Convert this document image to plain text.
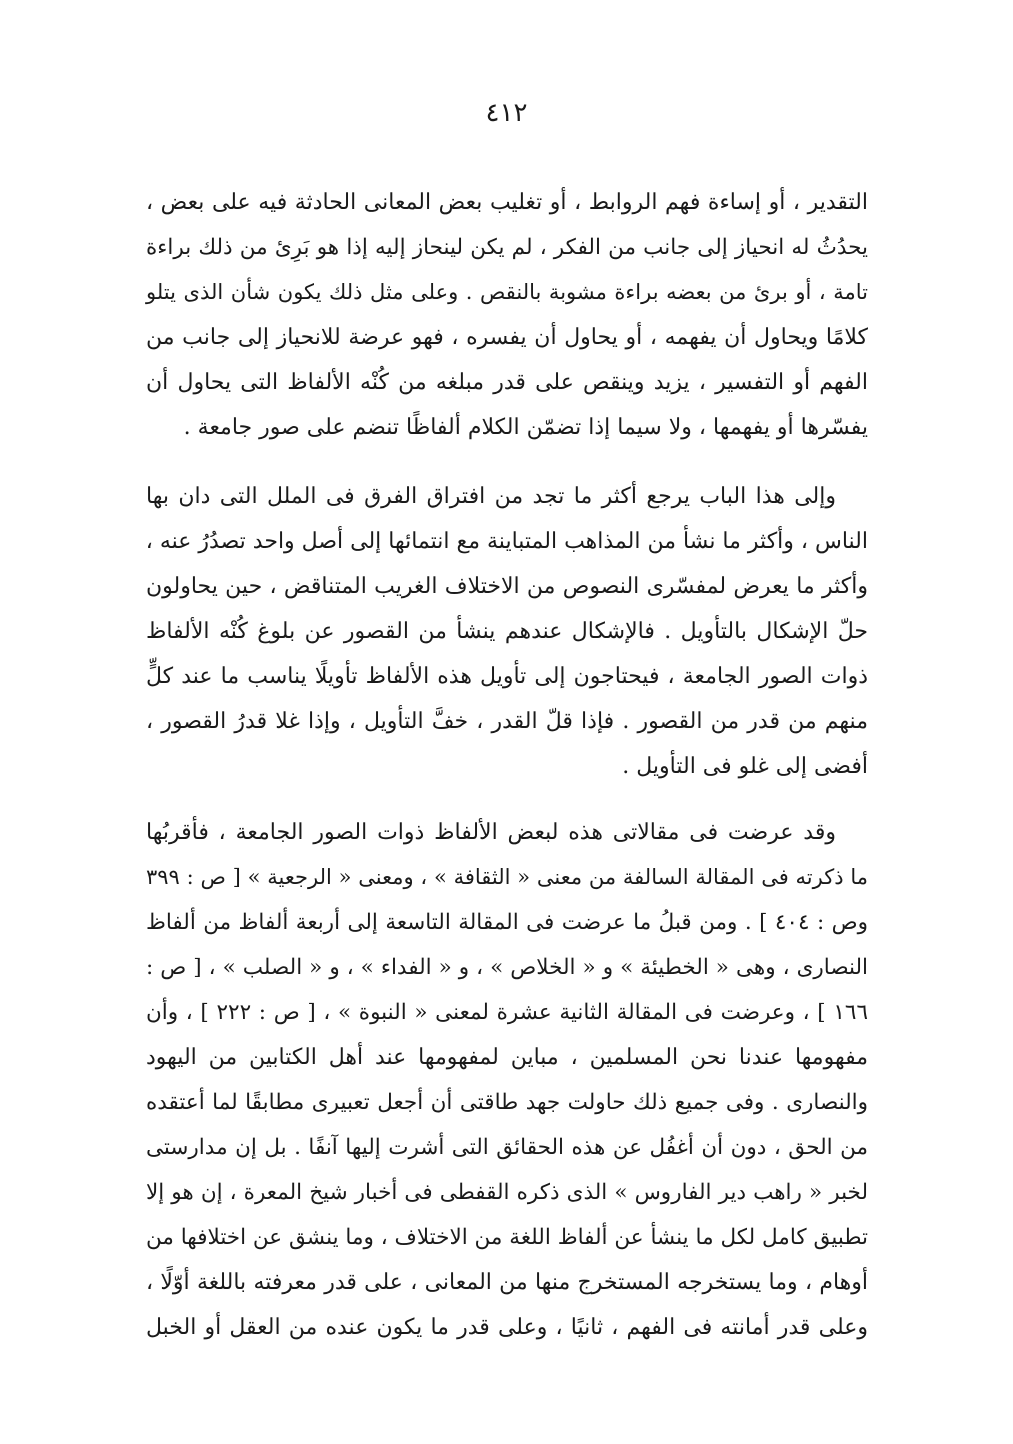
٤١٢
التقدير ، أو إساءة فهم الروابط ، أو تغليب بعض المعانى الحادثة فيه على بعض ،
يحدُثُ له انحياز إلى جانب من الفكر ، لم يكن لينحاز إليه إذا هو بَرِئ من ذلك براءة
تامة ، أو برئ من بعضه براءة مشوبة بالنقص . وعلى مثل ذلك يكون شأن الذى يتلو
كلامًا ويحاول أن يفهمه ، أو يحاول أن يفسره ، فهو عرضة للانحياز إلى جانب من
الفهم أو التفسير ، يزيد وينقص على قدر مبلغه من كُنْه الألفاظ التى يحاول أن
يفسّرها أو يفهمها ، ولا سيما إذا تضمّن الكلام ألفاظًا تنضم على صور جامعة .
وإلى هذا الباب يرجع أكثر ما تجد من افتراق الفرق فى الملل التى دان بها
الناس ، وأكثر ما نشأ من المذاهب المتباينة مع انتمائها إلى أصل واحد تصدُرُ عنه ،
وأكثر ما يعرض لمفسّرى النصوص من الاختلاف الغريب المتناقض ، حين يحاولون
حلّ الإشكال بالتأويل . فالإشكال عندهم ينشأ من القصور عن بلوغ كُنْه الألفاظ
ذوات الصور الجامعة ، فيحتاجون إلى تأويل هذه الألفاظ تأويلًا يناسب ما عند كلٍّ
منهم من قدر من القصور . فإذا قلّ القدر ، خفَّ التأويل ، وإذا غلا قدرُ القصور ،
أفضى إلى غلو فى التأويل .
وقد عرضت فى مقالاتى هذه لبعض الألفاظ ذوات الصور الجامعة ، فأقربُها
ما ذكرته فى المقالة السالفة من معنى « الثقافة » ، ومعنى « الرجعية » [ ص : ٣٩٩
وص : ٤٠٤ ] . ومن قبلُ ما عرضت فى المقالة التاسعة إلى أربعة ألفاظ من ألفاظ
النصارى ، وهى « الخطيئة » و « الخلاص » ، و « الفداء » ، و « الصلب » ، [ ص :
١٦٦ ] ، وعرضت فى المقالة الثانية عشرة لمعنى « النبوة » ، [ ص : ٢٢٢ ] ، وأن
مفهومها عندنا نحن المسلمين ، مباين لمفهومها عند أهل الكتابين من اليهود
والنصارى . وفى جميع ذلك حاولت جهد طاقتى أن أجعل تعبيرى مطابقًا لما أعتقده
من الحق ، دون أن أغفُل عن هذه الحقائق التى أشرت إليها آنفًا . بل إن مدارستى
لخبر « راهب دير الفاروس » الذى ذكره القفطى فى أخبار شيخ المعرة ، إن هو إلا
تطبيق كامل لكل ما ينشأ عن ألفاظ اللغة من الاختلاف ، وما ينشق عن اختلافها من
أوهام ، وما يستخرجه المستخرج منها من المعانى ، على قدر معرفته باللغة أوّلًا ،
وعلى قدر أمانته فى الفهم ، ثانيًا ، وعلى قدر ما يكون عنده من العقل أو الخبل
